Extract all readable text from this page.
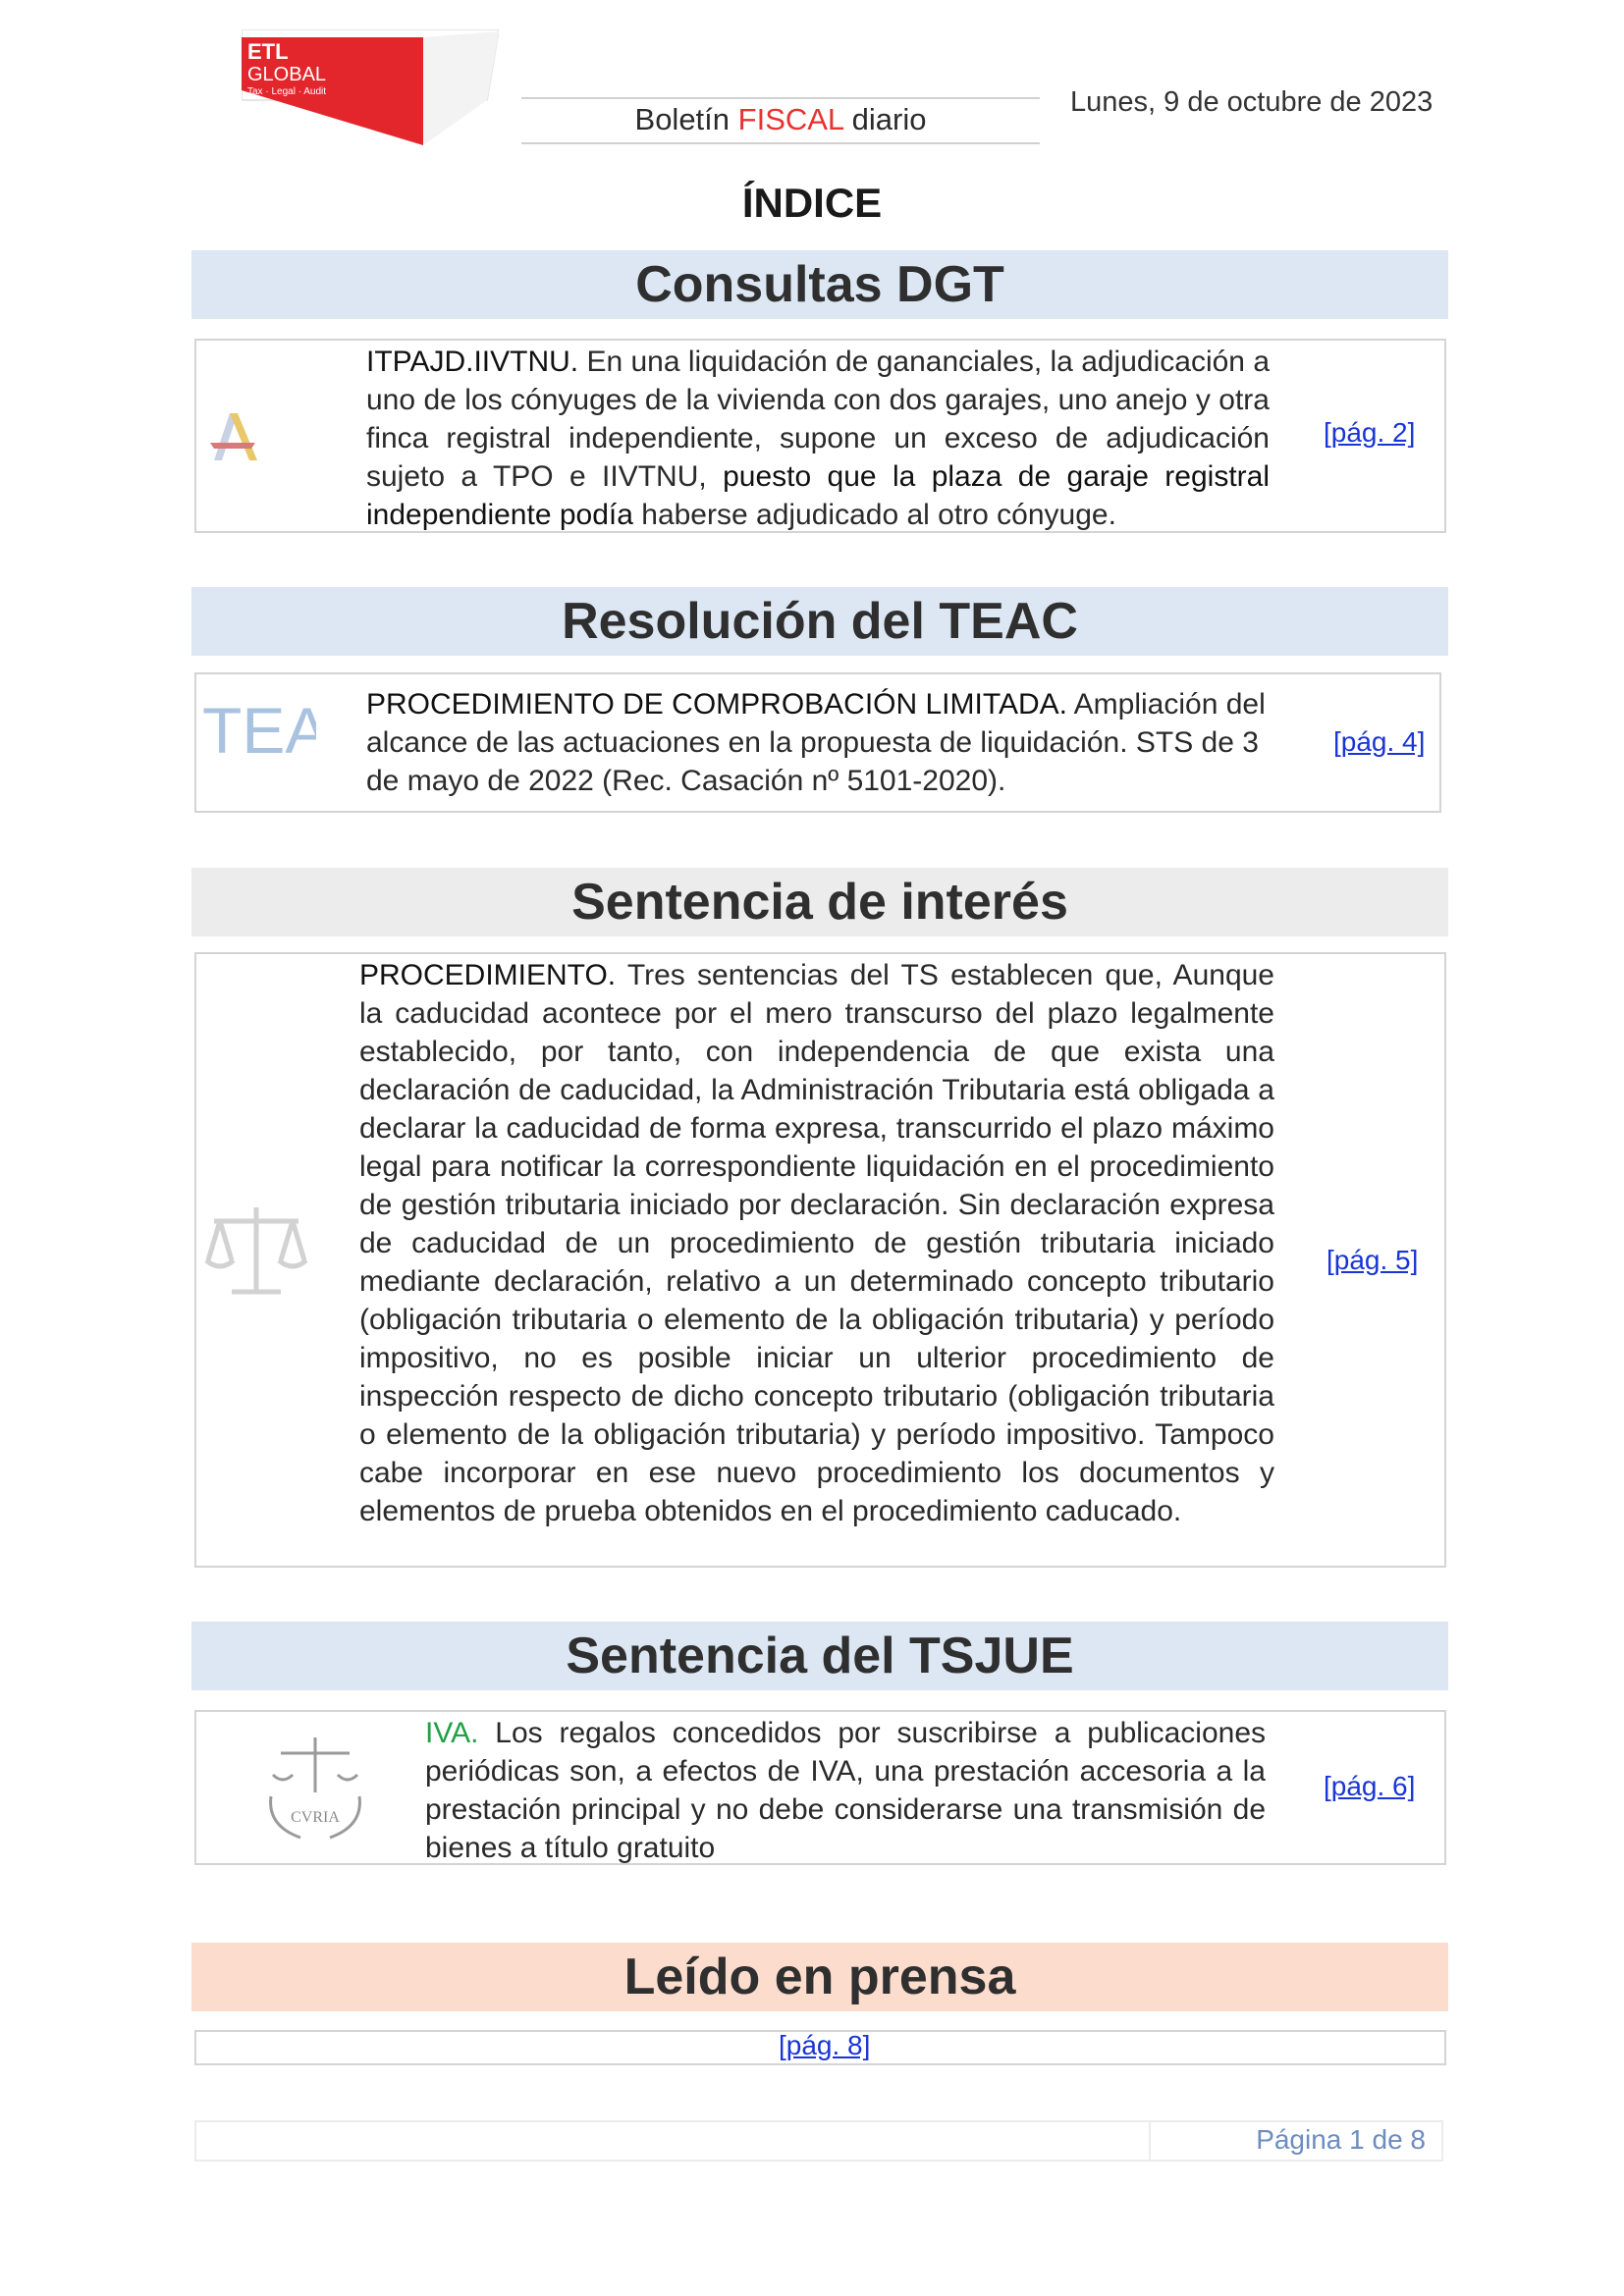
ETL
GLOBAL
Tax · Legal · Audit
Boletín FISCAL diario	Lunes, 9 de octubre de 2023
ÍNDICE
Consultas DGT
ITPAJD.IIVTNU. En una liquidación de gananciales, la adjudicación a uno de los cónyuges de la vivienda con dos garajes, uno anejo y otra finca registral independiente, supone un exceso de adjudicación sujeto a TPO e IIVTNU, puesto que la plaza de garaje registral independiente podía haberse adjudicado al otro cónyuge.
[pág. 2]
Resolución del TEAC
TEA PROCEDIMIENTO DE COMPROBACIÓN LIMITADA. Ampliación del alcance de las actuaciones en la propuesta de liquidación. STS de 3 de mayo de 2022 (Rec. Casación nº 5101-2020).
[pág. 4]
Sentencia de interés
PROCEDIMIENTO. Tres sentencias del TS establecen que, Aunque la caducidad acontece por el mero transcurso del plazo legalmente establecido, por tanto, con independencia de que exista una declaración de caducidad, la Administración Tributaria está obligada a declarar la caducidad de forma expresa, transcurrido el plazo máximo legal para notificar la correspondiente liquidación en el procedimiento de gestión tributaria iniciado por declaración. Sin declaración expresa de caducidad de un procedimiento de gestión tributaria iniciado mediante declaración, relativo a un determinado concepto tributario (obligación tributaria o elemento de la obligación tributaria) y período impositivo, no es posible iniciar un ulterior procedimiento de inspección respecto de dicho concepto tributario (obligación tributaria o elemento de la obligación tributaria) y período impositivo. Tampoco cabe incorporar en ese nuevo procedimiento los documentos y elementos de prueba obtenidos en el procedimiento caducado.
[pág. 5]
Sentencia del TSJUE
CVRIA
IVA. Los regalos concedidos por suscribirse a publicaciones periódicas son, a efectos de IVA, una prestación accesoria a la prestación principal y no debe considerarse una transmisión de bienes a título gratuito
[pág. 6]
Leído en prensa
[pág. 8]
Página 1 de 8
